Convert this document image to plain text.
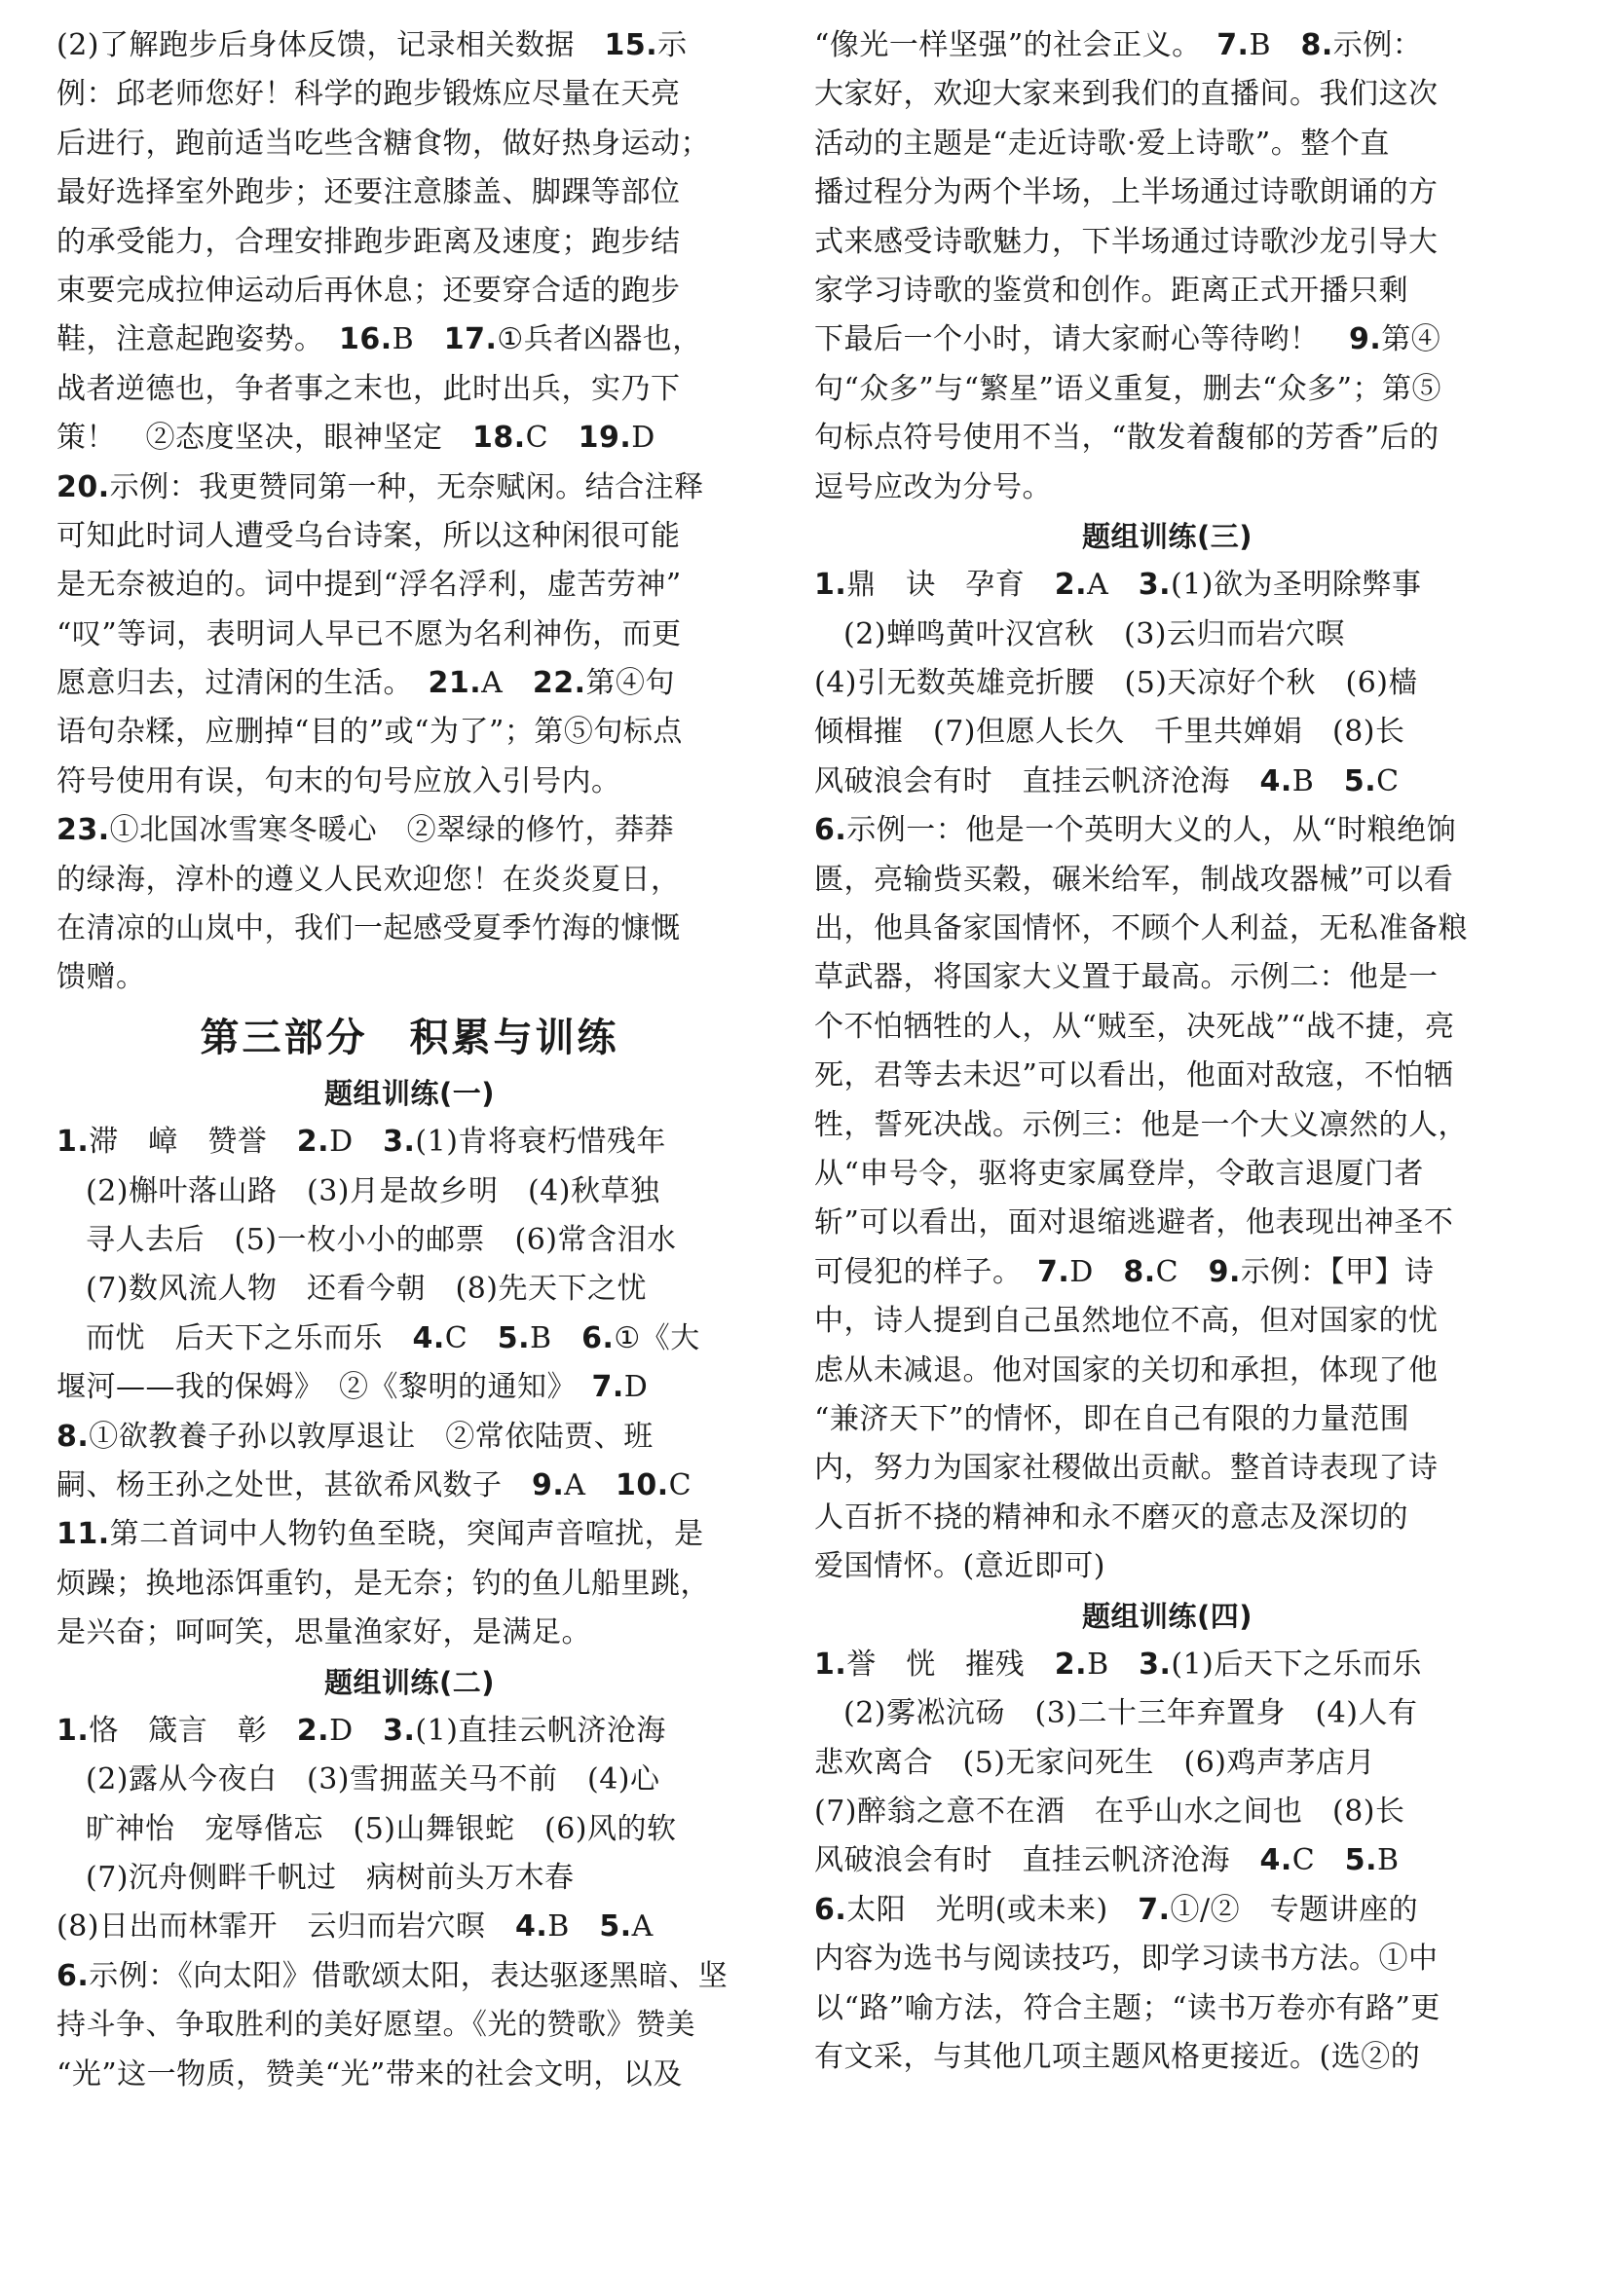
(2)了解跑步后身体反馈，记录相关数据　15.示
例：邱老师您好！科学的跑步锻炼应尽量在天亮
后进行，跑前适当吃些含糖食物，做好热身运动；
最好选择室外跑步；还要注意膝盖、脚踝等部位
的承受能力，合理安排跑步距离及速度；跑步结
束要完成拉伸运动后再休息；还要穿合适的跑步
鞋，注意起跑姿势。　16.B　17.①兵者凶器也，
战者逆德也，争者事之末也，此时出兵，实乃下
策！　②态度坚决，眼神坚定　18.C　19.D
20.示例：我更赞同第一种，无奈赋闲。结合注释
可知此时词人遭受乌台诗案，所以这种闲很可能
是无奈被迫的。词中提到“浮名浮利，虚苦劳神”
“叹”等词，表明词人早已不愿为名利神伤，而更
愿意归去，过清闲的生活。　21.A　22.第④句
语句杂糅，应删掉“目的”或“为了”；第⑤句标点
符号使用有误，句末的句号应放入引号内。
23.①北国冰雪寒冬暖心　②翠绿的修竹，莽莽
的绿海，淳朴的遵义人民欢迎您！在炎炎夏日，
在清凉的山岚中，我们一起感受夏季竹海的慷慨
馈赠。
第三部分　积累与训练
题组训练(一)
1.滞　嶂　赞誉　2.D　3.(1)肯将衰朽惜残年
(2)槲叶落山路　(3)月是故乡明　(4)秋草独
寻人去后　(5)一枚小小的邮票　(6)常含泪水
(7)数风流人物　还看今朝　(8)先天下之忧
而忧　后天下之乐而乐　4.C　5.B　6.①《大
堰河——我的保姆》　②《黎明的通知》　7.D
8.①欲教養子孙以敦厚退让　②常依陆贾、班
嗣、杨王孙之处世，甚欲希风数子　9.A　10.C
11.第二首词中人物钓鱼至晓，突闻声音喧扰，是
烦躁；换地添饵重钓，是无奈；钓的鱼儿船里跳，
是兴奋；呵呵笑，思量渔家好，是满足。
题组训练(二)
1.恪　箴言　彰　2.D　3.(1)直挂云帆济沧海
(2)露从今夜白　(3)雪拥蓝关马不前　(4)心
旷神怡　宠辱偕忘　(5)山舞银蛇　(6)风的软
(7)沉舟侧畔千帆过　病树前头万木春
(8)日出而林霏开　云归而岩穴暝　4.B　5.A
6.示例：《向太阳》借歌颂太阳，表达驱逐黑暗、坚
持斗争、争取胜利的美好愿望。《光的赞歌》赞美
“光”这一物质，赞美“光”带来的社会文明，以及
“像光一样坚强”的社会正义。　7.B　8.示例：
大家好，欢迎大家来到我们的直播间。我们这次
活动的主题是“走近诗歌·爱上诗歌”。整个直
播过程分为两个半场，上半场通过诗歌朗诵的方
式来感受诗歌魅力，下半场通过诗歌沙龙引导大
家学习诗歌的鉴赏和创作。距离正式开播只剩
下最后一个小时，请大家耐心等待哟！　9.第④
句“众多”与“繁星”语义重复，删去“众多”；第⑤
句标点符号使用不当，“散发着馥郁的芳香”后的
逗号应改为分号。
题组训练(三)
1.鼎　诀　孕育　2.A　3.(1)欲为圣明除弊事
(2)蝉鸣黄叶汉宫秋　(3)云归而岩穴暝
(4)引无数英雄竞折腰　(5)天凉好个秋　(6)樯
倾楫摧　(7)但愿人长久　千里共婵娟　(8)长
风破浪会有时　直挂云帆济沧海　4.B　5.C
6.示例一：他是一个英明大义的人，从“时粮绝饷
匮，亮输赀买穀，碾米给军，制战攻器械”可以看
出，他具备家国情怀，不顾个人利益，无私准备粮
草武器，将国家大义置于最高。示例二：他是一
个不怕牺牲的人，从“贼至，决死战”“战不捷，亮
死，君等去未迟”可以看出，他面对敌寇，不怕牺
牲，誓死决战。示例三：他是一个大义凛然的人，
从“申号令，驱将吏家属登岸，令敢言退厦门者
斩”可以看出，面对退缩逃避者，他表现出神圣不
可侵犯的样子。　7.D　8.C　9.示例：【甲】诗
中，诗人提到自己虽然地位不高，但对国家的忧
虑从未减退。他对国家的关切和承担，体现了他
“兼济天下”的情怀，即在自己有限的力量范围
内，努力为国家社稷做出贡献。整首诗表现了诗
人百折不挠的精神和永不磨灭的意志及深切的
爱国情怀。(意近即可)
题组训练(四)
1.誉　恍　摧残　2.B　3.(1)后天下之乐而乐
(2)雾凇沆砀　(3)二十三年弃置身　(4)人有
悲欢离合　(5)无家问死生　(6)鸡声茅店月
(7)醉翁之意不在酒　在乎山水之间也　(8)长
风破浪会有时　直挂云帆济沧海　4.C　5.B
6.太阳　光明(或未来)　7.①/②　专题讲座的
内容为选书与阅读技巧，即学习读书方法。①中
以“路”喻方法，符合主题；“读书万卷亦有路”更
有文采，与其他几项主题风格更接近。(选②的
